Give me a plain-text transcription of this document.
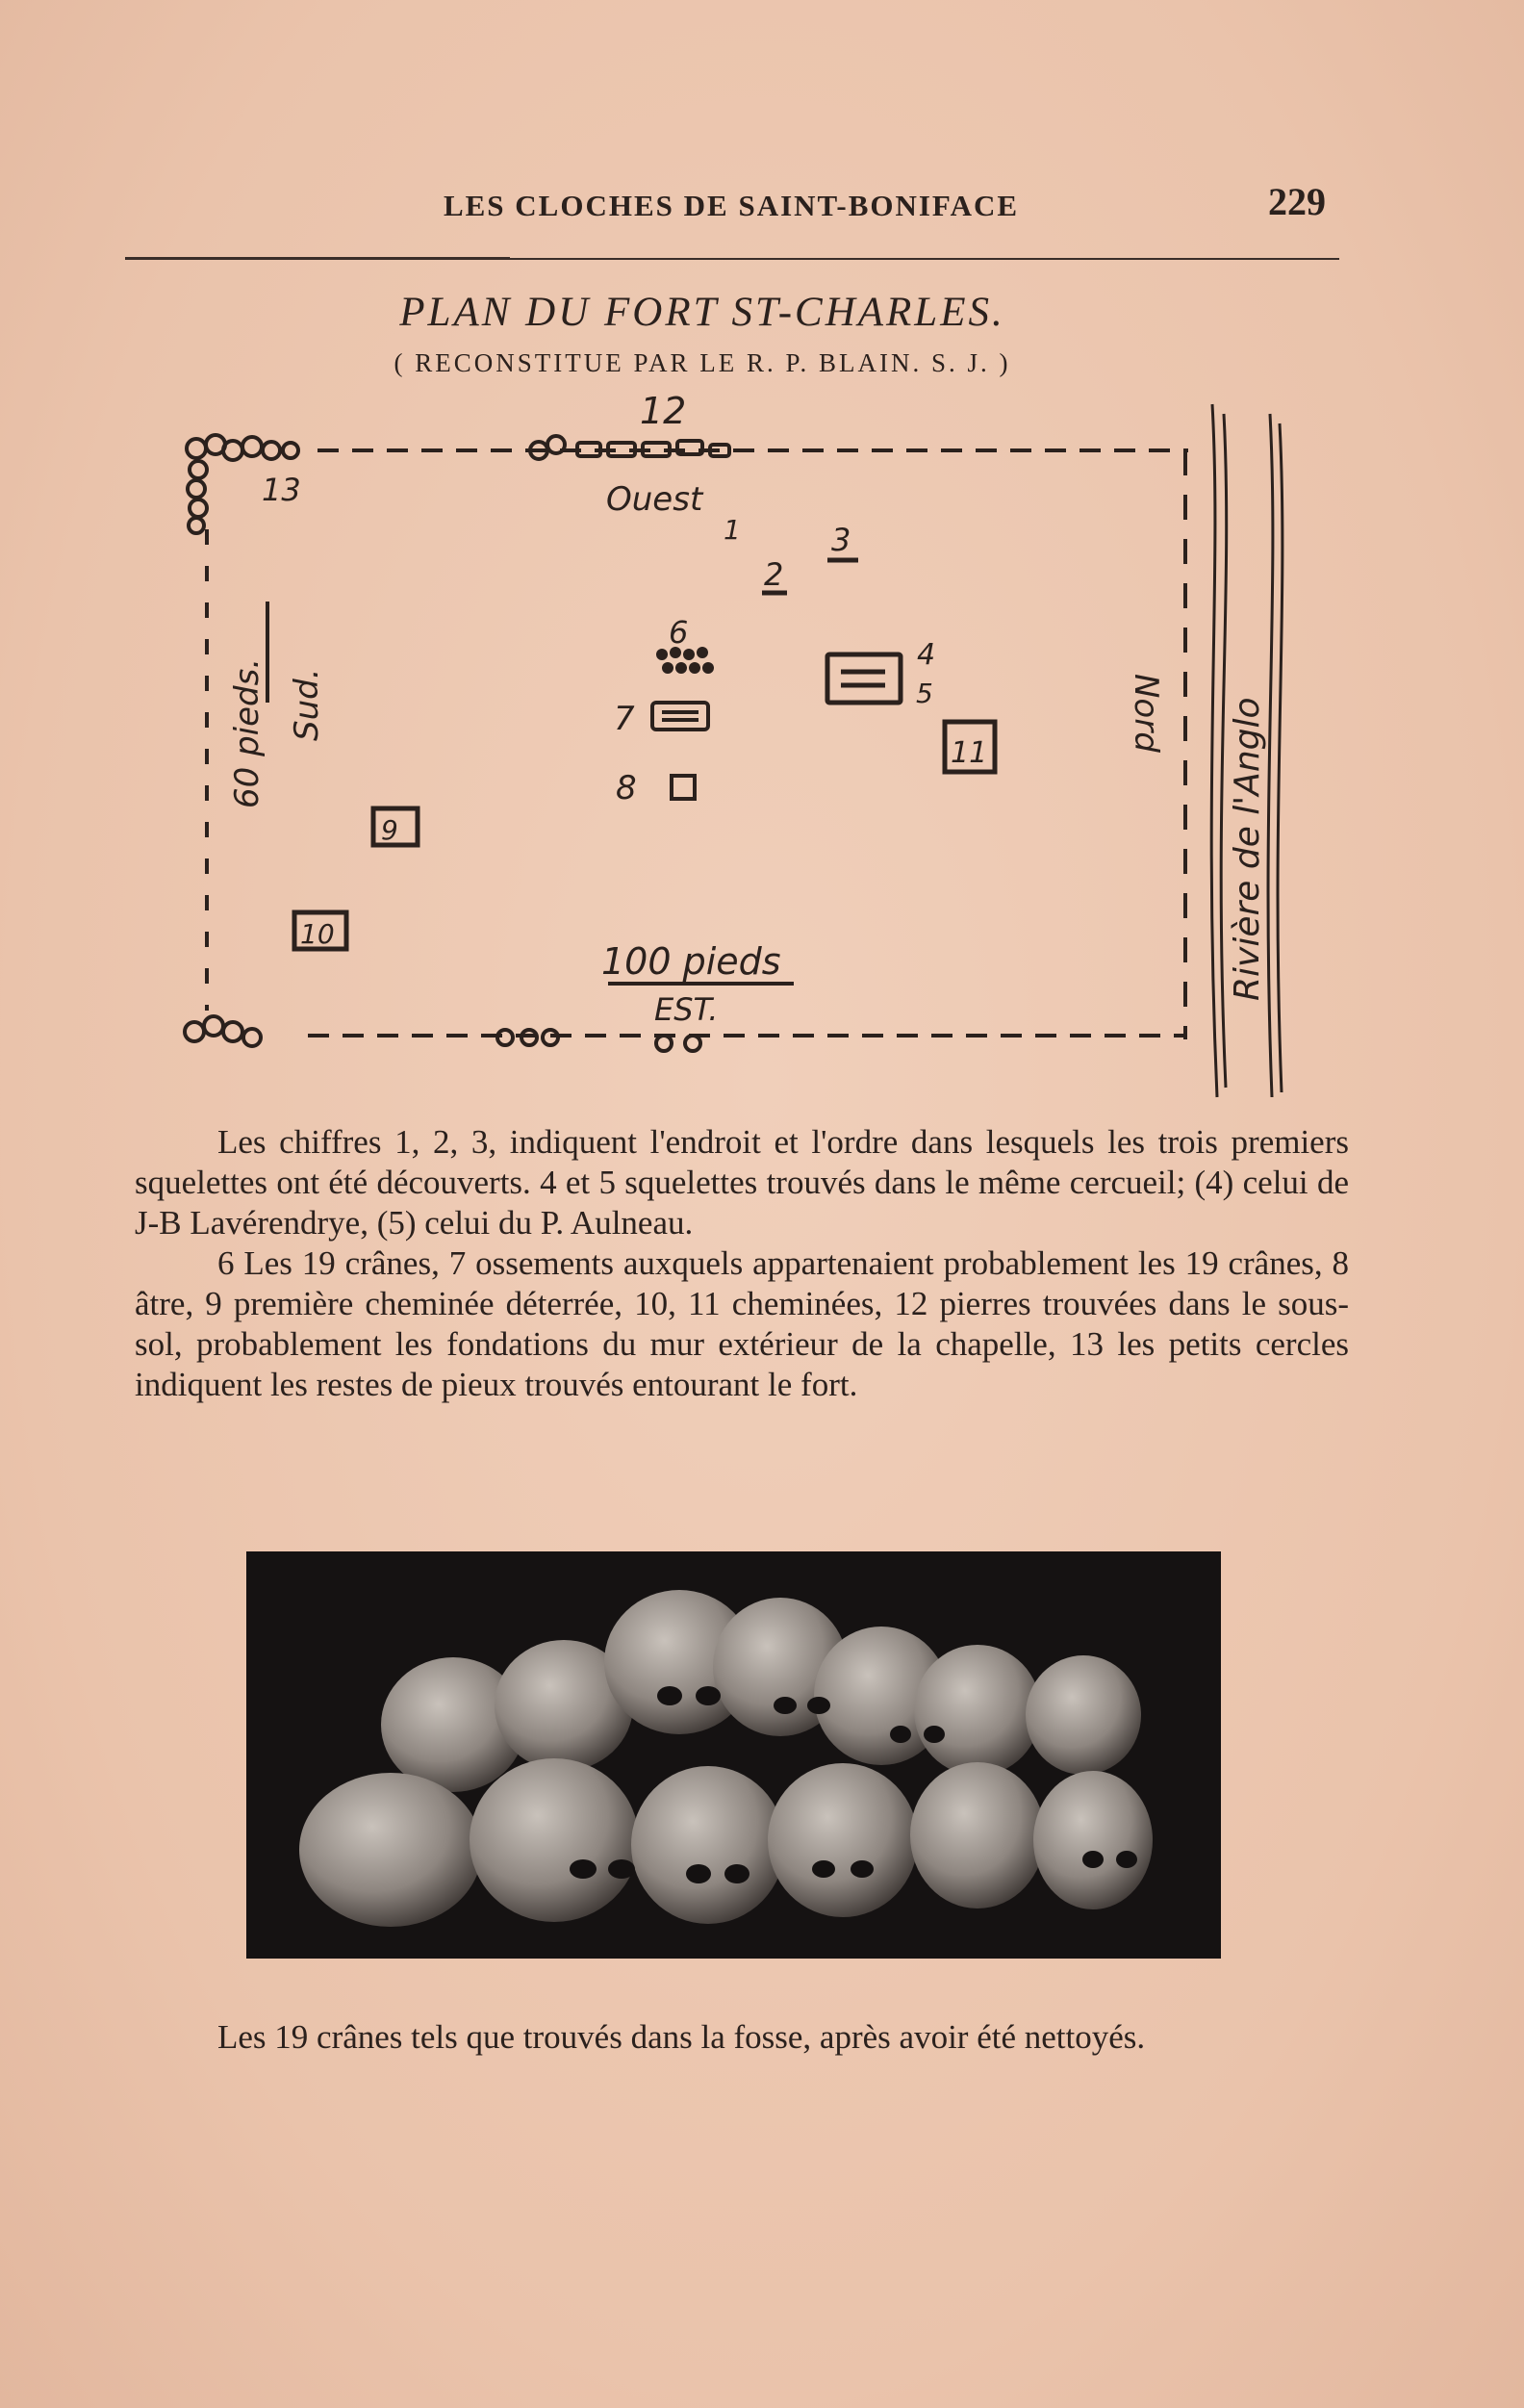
LES CLOCHES DE SAINT-BONIFACE	229
PLAN DU FORT ST-CHARLES.
( RECONSTITUE PAR LE R. P. BLAIN. S. J. )
12
13	Ouest
1
2
3
4
5
6
7
8
9
10
11
100 pieds
EST.
60 pieds. Sud.	Nord Rivière de l'Anglo

Les chiffres 1, 2, 3, indiquent l'endroit et l'ordre dans lesquels les trois premiers squelettes ont été découverts. 4 et 5 squelettes trouvés dans le même cercueil; (4) celui de J-B Lavérendrye, (5) celui du P. Aulneau.

6 Les 19 crânes, 7 ossements auxquels appartenaient probablement les 19 crânes, 8 âtre, 9 première cheminée déterrée, 10, 11 cheminées, 12 pierres trouvées dans le sous-sol, probablement les fondations du mur extérieur de la chapelle, 13 les petits cercles indiquent les restes de pieux trouvés entourant le fort.

Les 19 crânes tels que trouvés dans la fosse, après avoir été nettoyés.
